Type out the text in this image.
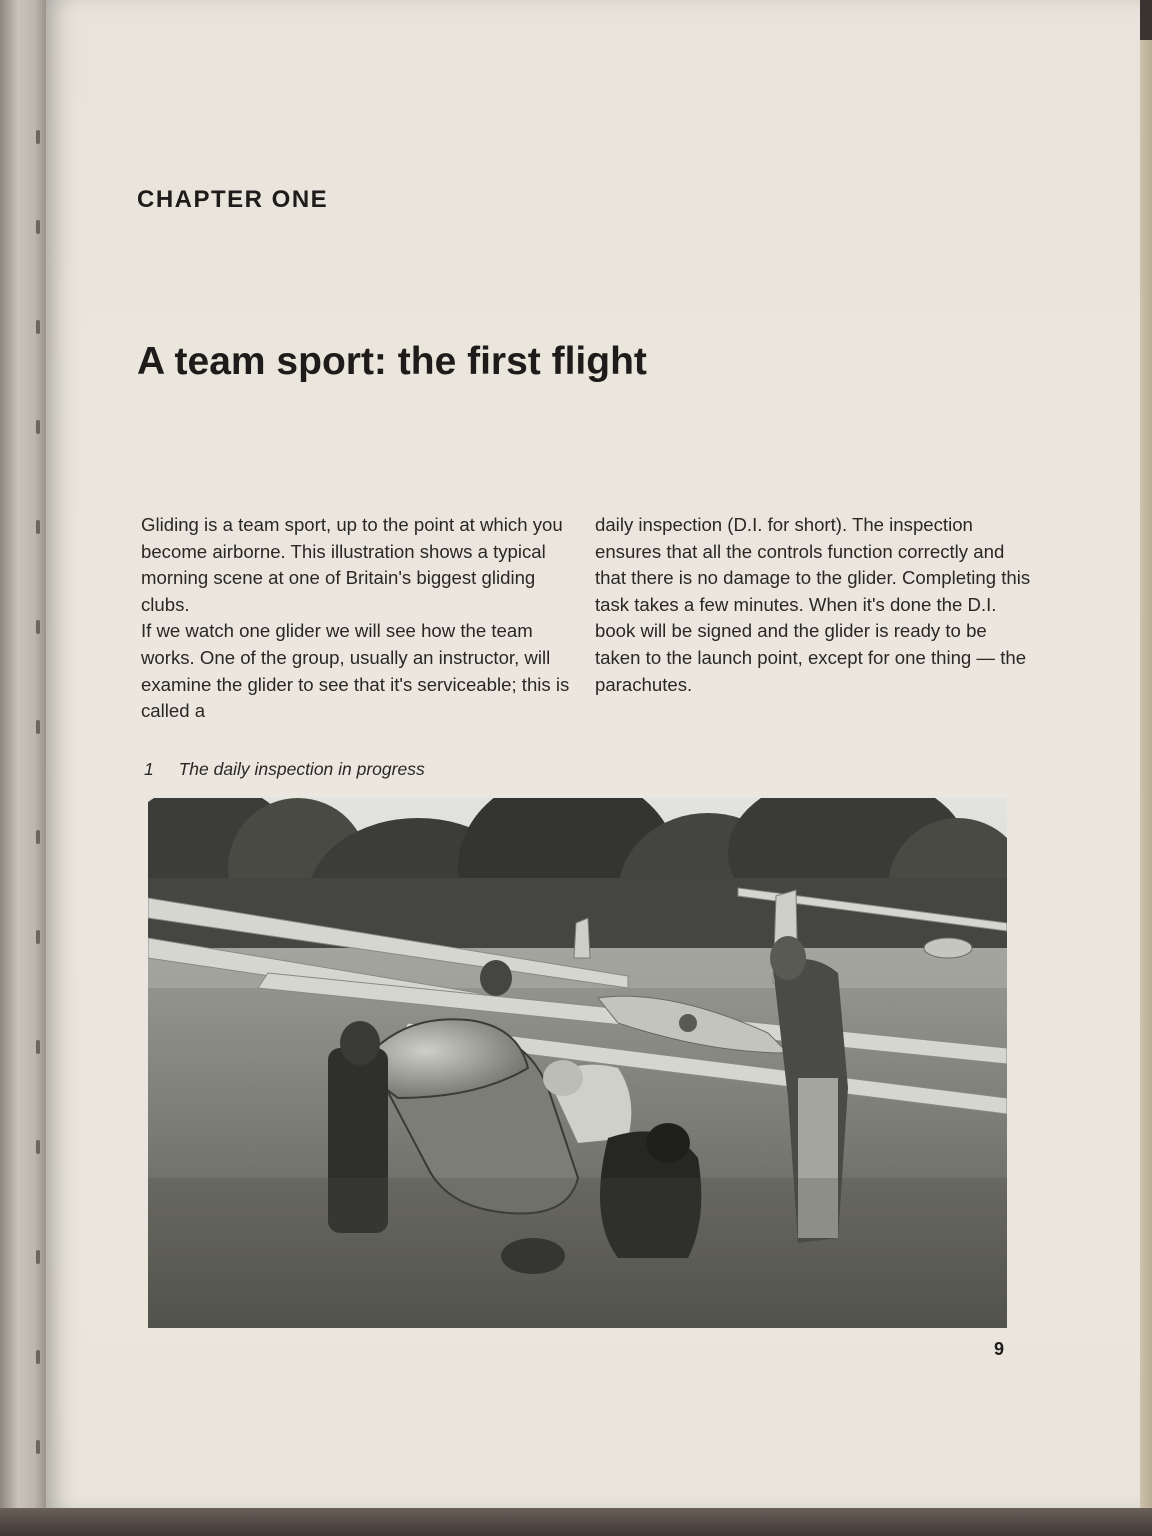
CHAPTER ONE
A team sport: the first flight

Gliding is a team sport, up to the point at which you become airborne. This illustration shows a typical morning scene at one of Britain's biggest gliding clubs.

If we watch one glider we will see how the team works. One of the group, usually an instructor, will examine the glider to see that it's serviceable; this is called a

daily inspection (D.I. for short). The inspection ensures that all the controls function correctly and that there is no damage to the glider. Completing this task takes a few minutes. When it's done the D.I. book will be signed and the glider is ready to be taken to the launch point, except for one thing — the parachutes.

1 The daily inspection in progress
9
